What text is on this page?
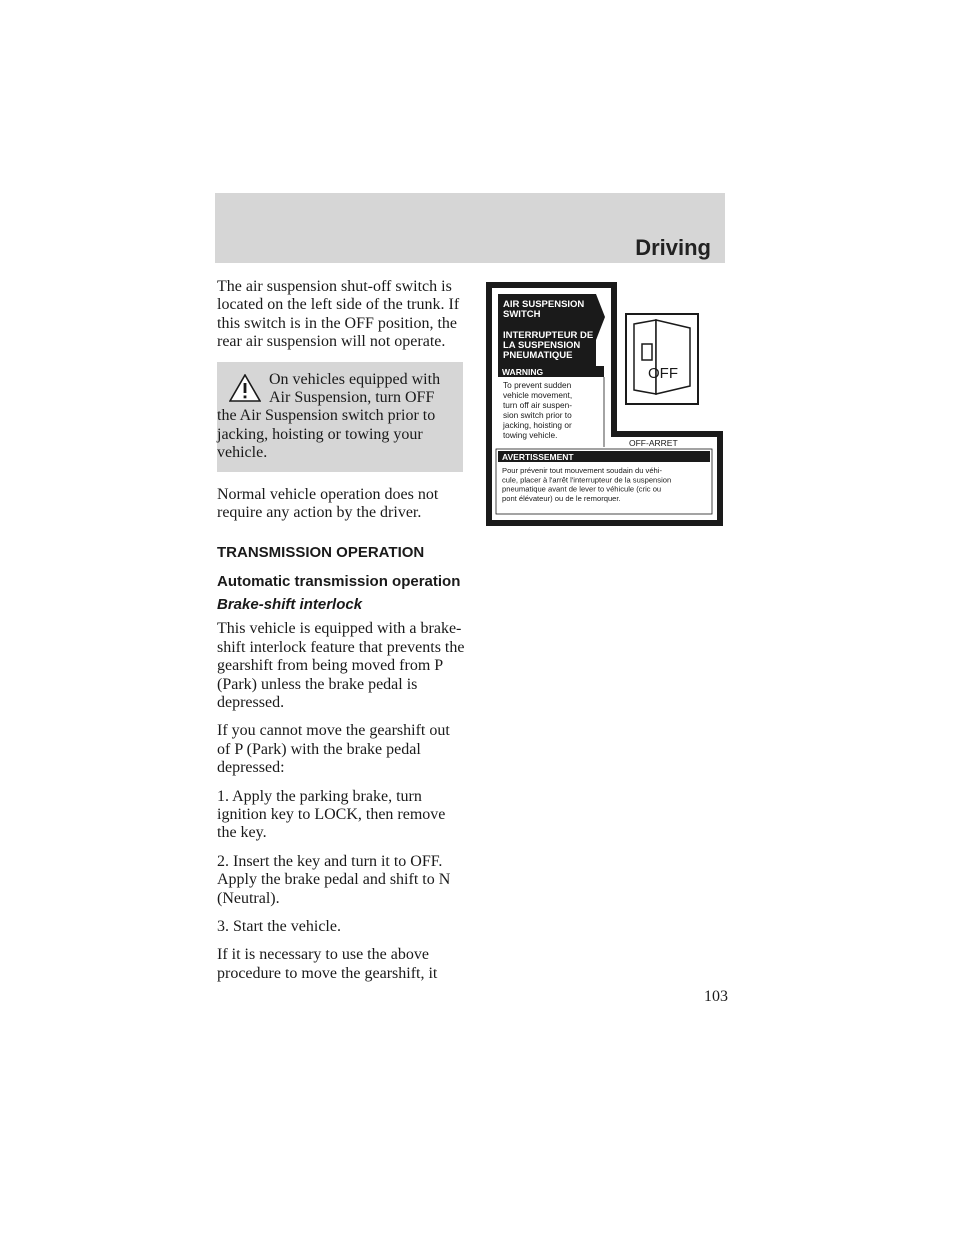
Driving

The air suspension shut-off switch is located on the left side of the trunk. If this switch is in the OFF position, the rear air suspension will not operate.

On vehicles equipped with Air Suspension, turn OFF
the Air Suspension switch prior to jacking, hoisting or towing your vehicle.

Normal vehicle operation does not require any action by the driver.

TRANSMISSION OPERATION
Automatic transmission operation
Brake-shift interlock

This vehicle is equipped with a brake-shift interlock feature that prevents the gearshift from being moved from P (Park) unless the brake pedal is depressed.

If you cannot move the gearshift out of P (Park) with the brake pedal depressed:

1. Apply the parking brake, turn ignition key to LOCK, then remove the key.

2. Insert the key and turn it to OFF. Apply the brake pedal and shift to N (Neutral).

3. Start the vehicle.

If it is necessary to use the above procedure to move the gearshift, it

AIR SUSPENSION
SWITCH
INTERRUPTEUR DE
LA SUSPENSION
PNEUMATIQUE
WARNING
To prevent sudden vehicle movement, turn off air suspen-sion switch prior to jacking, hoisting or towing vehicle.
OFF
OFF-ARRET
AVERTISSEMENT
Pour prévenir tout mouvement soudain du véhi-cule, placer à l'arrêt l'interrupteur de la suspension pneumatique avant de lever to véhicule (cric ou pont élévateur) ou de le remorquer.
103
